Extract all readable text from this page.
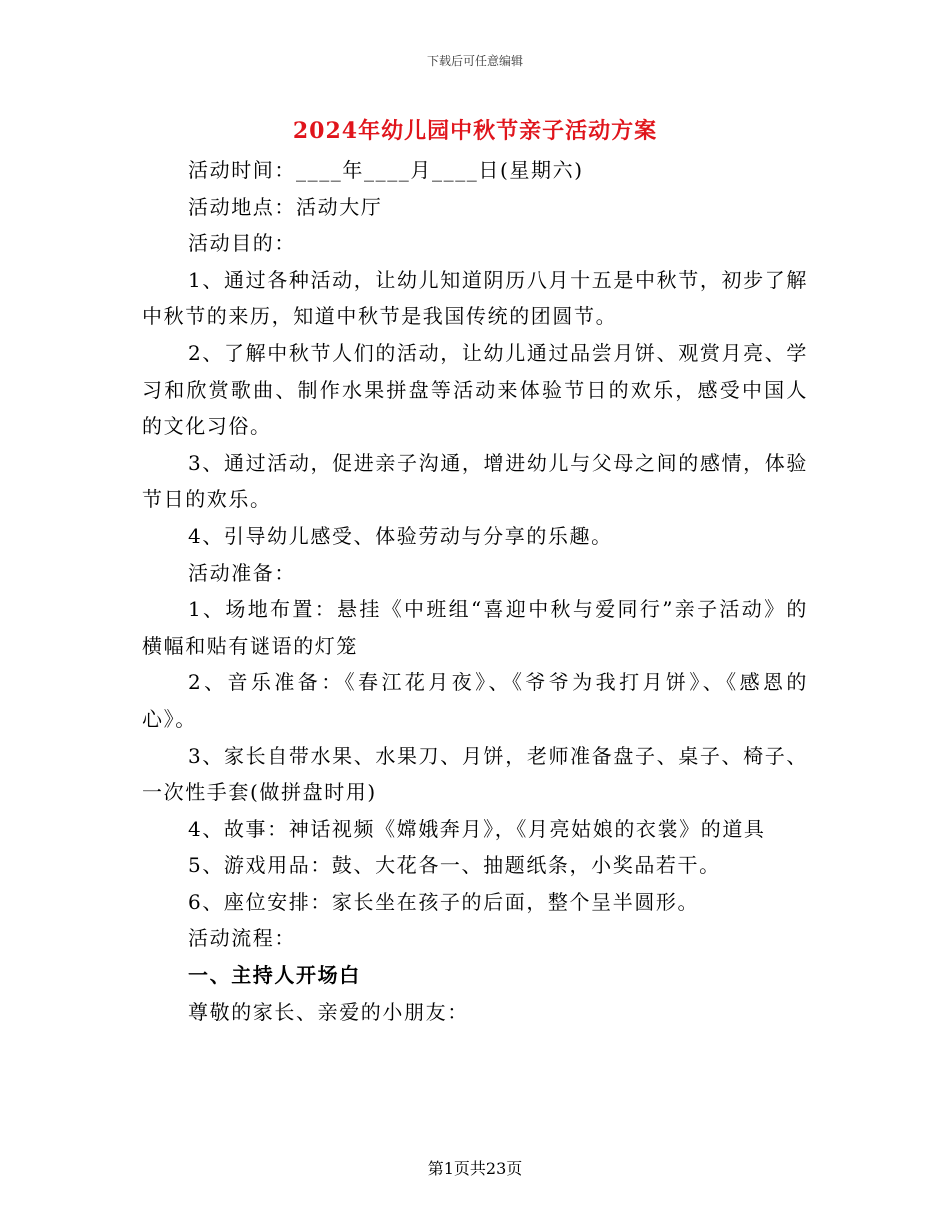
下载后可任意编辑
2024年幼儿园中秋节亲子活动方案

活动时间：____年____月____日(星期六)

活动地点：活动大厅

活动目的：

1、通过各种活动，让幼儿知道阴历八月十五是中秋节，初步了解中秋节的来历，知道中秋节是我国传统的团圆节。

2、了解中秋节人们的活动，让幼儿通过品尝月饼、观赏月亮、学习和欣赏歌曲、制作水果拼盘等活动来体验节日的欢乐，感受中国人的文化习俗。

3、通过活动，促进亲子沟通，增进幼儿与父母之间的感情，体验节日的欢乐。

4、引导幼儿感受、体验劳动与分享的乐趣。

活动准备：

1、场地布置：悬挂《中班组“喜迎中秋与爱同行”亲子活动》的横幅和贴有谜语的灯笼

2、音乐准备：《春江花月夜》、《爷爷为我打月饼》、《感恩的心》。

3、家长自带水果、水果刀、月饼，老师准备盘子、桌子、椅子、一次性手套(做拼盘时用)

4、故事：神话视频《嫦娥奔月》，《月亮姑娘的衣裳》的道具

5、游戏用品：鼓、大花各一、抽题纸条，小奖品若干。

6、座位安排：家长坐在孩子的后面，整个呈半圆形。

活动流程：

一、主持人开场白

尊敬的家长、亲爱的小朋友：

第1页共23页
